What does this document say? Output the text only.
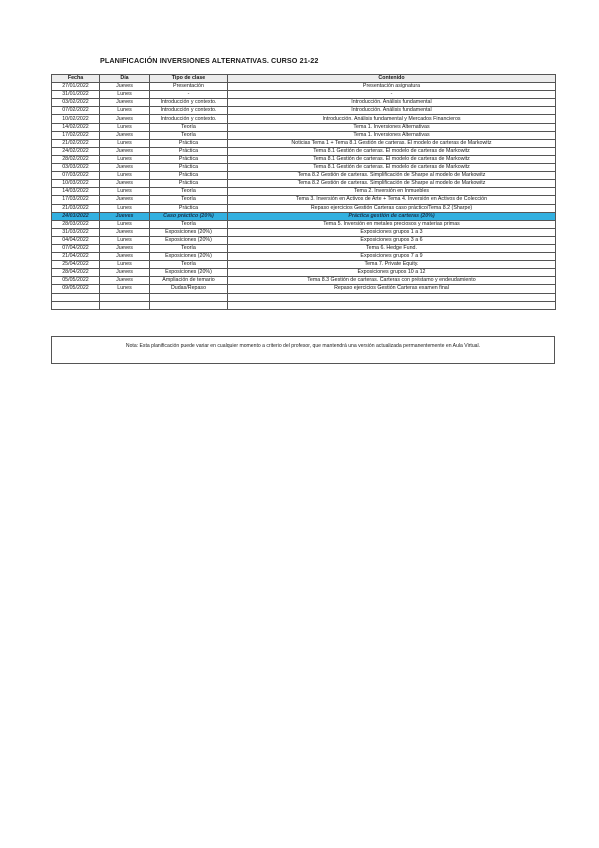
PLANIFICACIÓN INVERSIONES ALTERNATIVAS. CURSO 21-22
Fecha	Día	Tipo de clase	Contenido
27/01/2022	Jueves	Presentación	Presentación asignatura
31/01/2022	Lunes	-	-
03/02/2022	Jueves	Introducción y contexto.	Introducción. Análisis fundamental
07/02/2022	Lunes	Introducción y contexto.	Introducción. Análisis fundamental
10/02/2022	Jueves	Introducción y contexto.	Introducción. Análisis fundamental y Mercados Financieros
14/02/2022	Lunes	Teoría	Tema 1. Inversiones Alternativas
17/02/2022	Jueves	Teoría	Tema 1. Inversiones Alternativas
21/02/2022	Lunes	Práctica	Noticias Tema 1 + Tema 8.1 Gestión de carteras. El modelo de carteras de Markowitz
24/02/2022	Jueves	Práctica	Tema 8.1 Gestión de carteras. El modelo de carteras de Markowitz
28/02/2022	Lunes	Práctica	Tema 8.1 Gestión de carteras. El modelo de carteras de Markowitz
03/03/2022	Jueves	Práctica	Tema 8.1 Gestión de carteras. El modelo de carteras de Markowitz
07/03/2022	Lunes	Práctica	Tema 8.2 Gestión de carteras. Simplificación de Sharpe al modelo de Markowitz
10/03/2022	Jueves	Práctica	Tema 8.2 Gestión de carteras. Simplificación de Sharpe al modelo de Markowitz
14/03/2022	Lunes	Teoría	Tema 2. Inversión en Inmuebles
17/03/2022	Jueves	Teoría	Tema 3. Inversión en Activos de Arte + Tema 4. Inversión en Activos de Colección
21/03/2022	Lunes	Práctica	Repaso ejercicios Gestión Carteras caso práctico/Tema 8.2 (Sharpe)
24/03/2022	Jueves	Caso práctico (20%)	Práctica gestión de carteras (20%)
28/03/2022	Lunes	Teoría	Tema 5. Inversión en metales preciosos y materias primas
31/03/2022	Jueves	Exposiciones (20%)	Exposiciones grupos 1 a 3
04/04/2022	Lunes	Exposiciones (20%)	Exposiciones grupos 3 a 6
07/04/2022	Jueves	Teoría	Tema 6. Hedge Fund.
21/04/2022	Jueves	Exposiciones (20%)	Exposiciones grupos 7 a 9
25/04/2022	Lunes	Teoría	Tema 7. Private Equity.
28/04/2022	Jueves	Exposiciones (20%)	Exposiciones grupos 10 a 12
05/05/2022	Jueves	Ampliación de temario	Tema 8.3 Gestión de carteras. Carteras con préstamo y endeudamiento
09/05/2022	Lunes	Dudas/Repaso	Repaso ejercicios Gestión Carteras examen final

Nota: Esta planificación puede variar en cualquier momento a criterio del profesor, que mantendrá una versión actualizada permanentemente en Aula Virtual.
